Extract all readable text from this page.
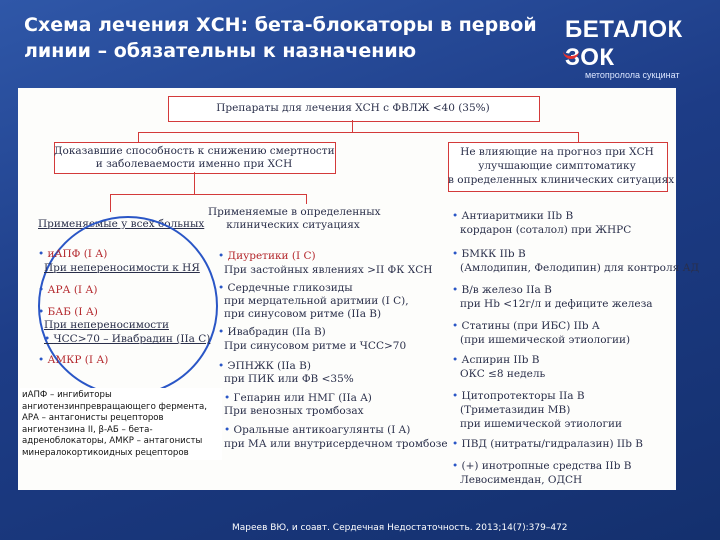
Схема лечения ХСН: бета-блокаторы в первой
линии – обязательны к назначению
БЕТАЛОК ЗОК
метопролола сукцинат
Препараты для лечения ХСН с ФВЛЖ <40 (35%)
Доказавшие способность к снижению смертности
и заболеваемости именно при ХСН
Не влияющие на прогноз при ХСН
улучшающие симптоматику
в определенных клинических ситуациях
Применяемые у всех больных
Применяемые в определенных
клинических ситуациях
• иАПФ (I А)
При непереносимости к НЯ
• АРА (I А)
• БАБ (I А)
При непереносимости
• ЧСС>70 – Ивабрадин (IIa C)
• АМКР (I А)
• Диуретики (I С)
При застойных явлениях >II ФК ХСН
• Сердечные гликозиды
при мерцательной аритмии (I С),
при синусовом ритме (IIa B)
• Ивабрадин (IIa B)
При синусовом ритме и ЧСС>70
• ЭПНЖК (IIa B)
при ПИК или ФВ <35%
• Гепарин или НМГ (IIa A)
При венозных тромбозах
• Оральные антикоагулянты (I A)
при МА или внутрисердечном тромбозе
• Антиаритмики IIb В
кордарон (соталол) при ЖНРС
• БМКК IIb B
(Амлодипин, Фелодипин) для контроля АД
• В/в железо IIa B
при Hb <12г/л и дефиците железа
• Статины (при ИБС) IIb A
(при ишемической этиологии)
• Аспирин IIb B
ОКС ≤8 недель
• Цитопротекторы IIa B
(Триметазидин МВ)
при ишемической этиологии
• ПВД (нитраты/гидралазин) IIb B
• (+) инотропные средства IIb B
Левосимендан, ОДСН
иАПФ – ингибиторы ангиотензинпревращающего фермента, АРА – антагонисты рецепторов ангиотензина II, β-АБ – бета-адреноблокаторы, АМКР – антагонисты минералокортикоидных рецепторов
Мареев ВЮ, и соавт. Сердечная Недостаточность. 2013;14(7):379–472
